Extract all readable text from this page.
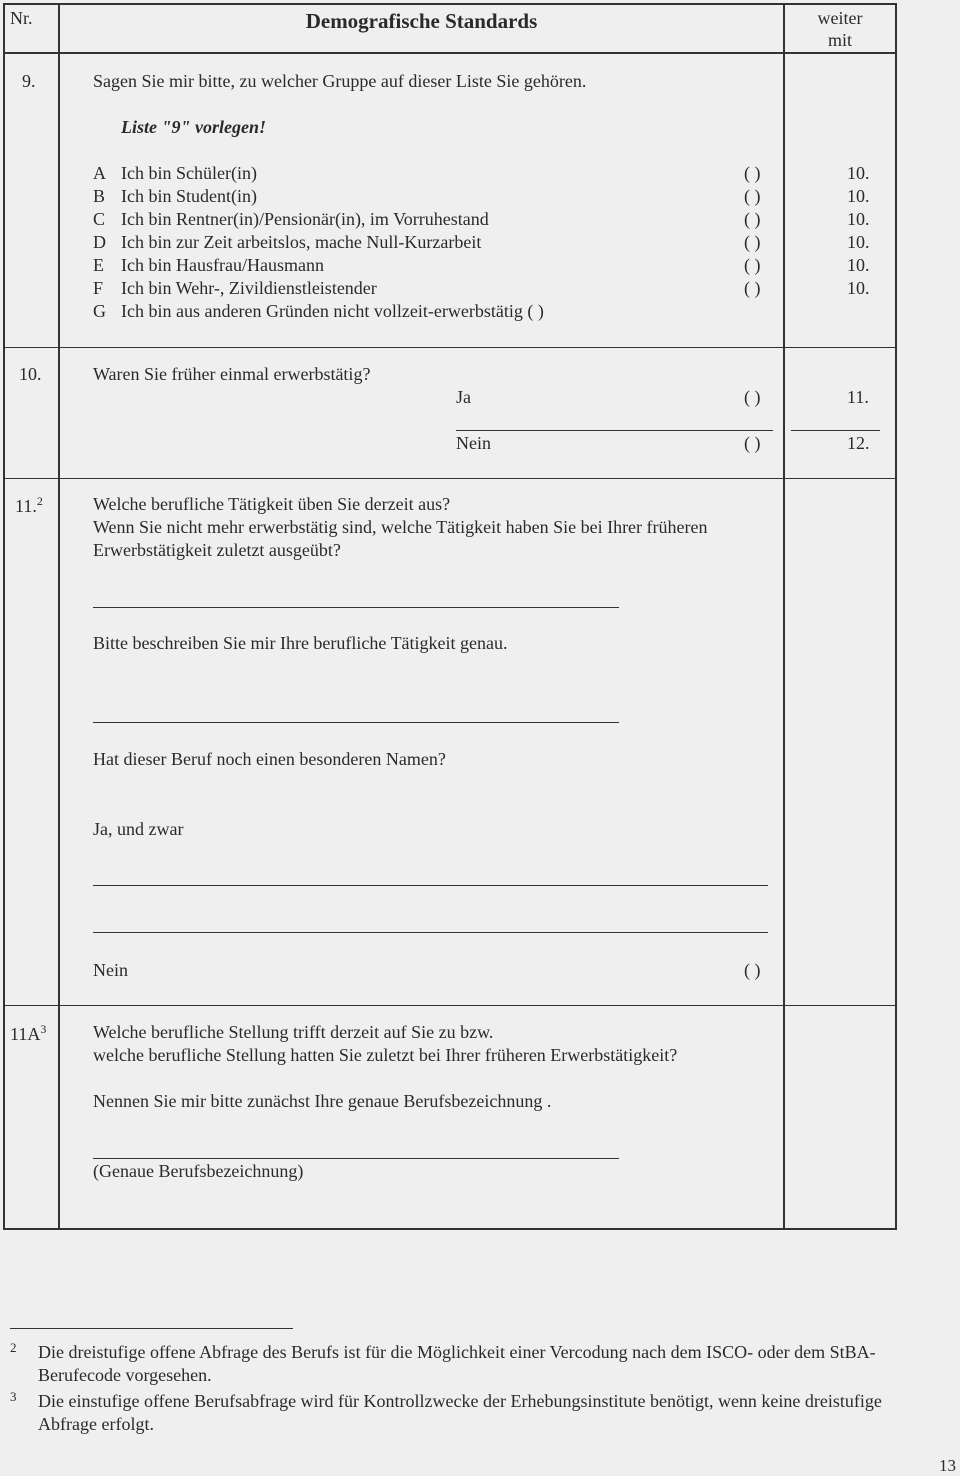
Nr.	Demografische Standards	weiter
mit
9.	Sagen Sie mir bitte, zu welcher Gruppe auf dieser Liste Sie gehören.
Liste "9" vorlegen!
A Ich bin Schüler(in)	( )	10.
B Ich bin Student(in)	( )	10.
C Ich bin Rentner(in)/Pensionär(in), im Vorruhestand	( )	10.
D Ich bin zur Zeit arbeitslos, mache Null-Kurzarbeit	( )	10.
E Ich bin Hausfrau/Hausmann	( )	10.
F Ich bin Wehr-, Zivildienstleistender	( )	10.
G Ich bin aus anderen Gründen nicht vollzeit-erwerbstätig ( )
10.	Waren Sie früher einmal erwerbstätig?
Ja	( )	11.
Nein	( )	12.
11.$^2$	Welche berufliche Tätigkeit üben Sie derzeit aus?
Wenn Sie nicht mehr erwerbstätig sind, welche Tätigkeit haben Sie bei Ihrer früheren
Erwerbstätigkeit zuletzt ausgeübt?
Bitte beschreiben Sie mir Ihre berufliche Tätigkeit genau.
Hat dieser Beruf noch einen besonderen Namen?
Ja, und zwar
Nein	( )
$11A^3$	Welche berufliche Stellung trifft derzeit auf Sie zu bzw.
welche berufliche Stellung hatten Sie zuletzt bei Ihrer früheren Erwerbstätigkeit?
Nennen Sie mir bitte zunächst Ihre genaue Berufsbezeichnung .
(Genaue Berufsbezeichnung)
2 Die dreistufige offene Abfrage des Berufs ist für die Möglichkeit einer Vercodung nach dem ISCO- oder dem StBA-
Berufecode vorgesehen.
3 Die einstufige offene Berufsabfrage wird für Kontrollzwecke der Erhebungsinstitute benötigt, wenn keine dreistufige
Abfrage erfolgt.
13
